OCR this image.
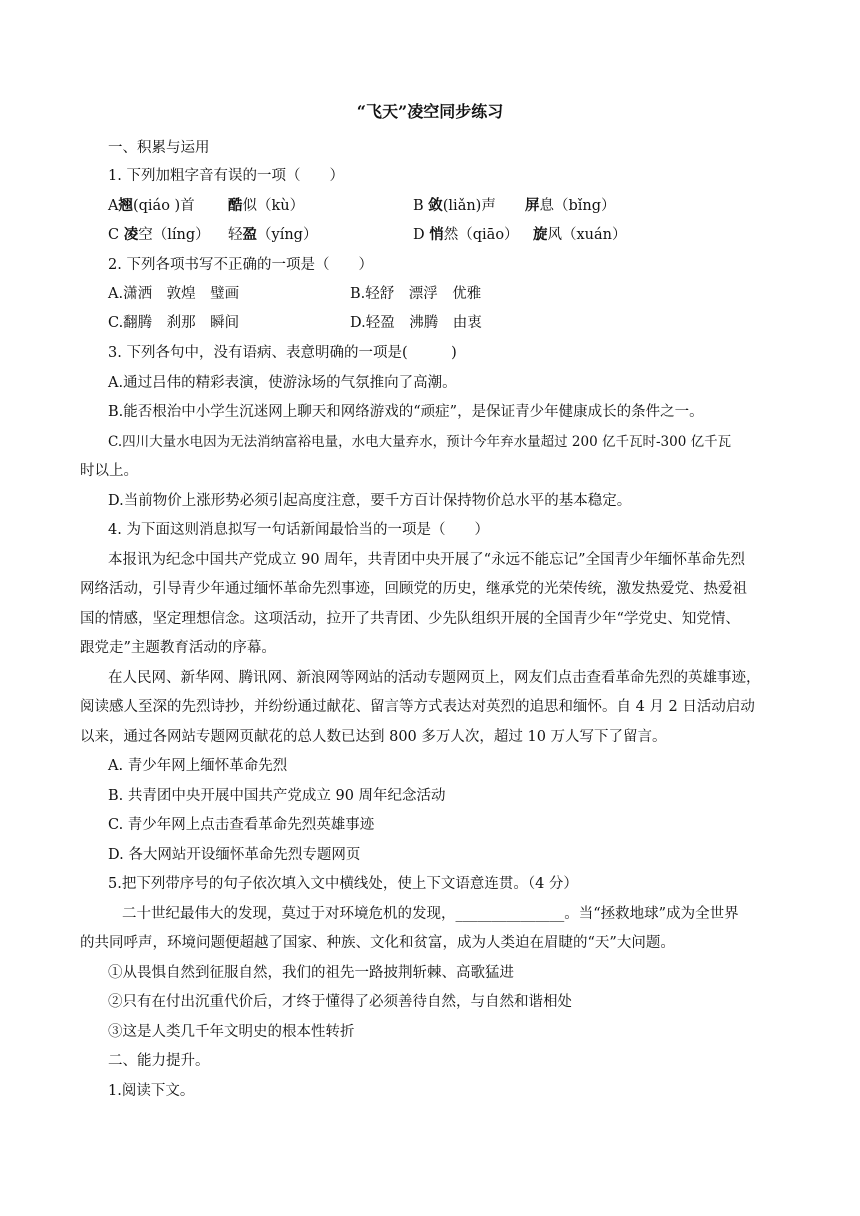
“飞天”凌空同步练习
一、积累与运用
1. 下列加粗字音有误的一项（　　）
A翘(qiáo )首 酷似（kù）	B 敛(liǎn)声 屏息（bǐng）
C 凌空（líng） 轻盈（yíng）	D 悄然（qiāo） 旋风（xuán）
2. 下列各项书写不正确的一项是（　　）
A.潇洒　敦煌　璧画	B.轻舒　漂浮　优雅
C.翻腾　刹那　瞬间	D.轻盈　沸腾　由衷
3. 下列各句中，没有语病、表意明确的一项是(　　　)
A.通过吕伟的精彩表演，使游泳场的气氛推向了高潮。
B.能否根治中小学生沉迷网上聊天和网络游戏的“顽症”，是保证青少年健康成长的条件之一。
C.四川大量水电因为无法消纳富裕电量，水电大量弃水，预计今年弃水量超过 200 亿千瓦时-300 亿千瓦
时以上。
D.当前物价上涨形势必须引起高度注意，要千方百计保持物价总水平的基本稳定。
4. 为下面这则消息拟写一句话新闻最恰当的一项是（　　）
本报讯为纪念中国共产党成立 90 周年，共青团中央开展了“永远不能忘记”全国青少年缅怀革命先烈
网络活动，引导青少年通过缅怀革命先烈事迹，回顾党的历史，继承党的光荣传统，激发热爱党、热爱祖
国的情感，坚定理想信念。这项活动，拉开了共青团、少先队组织开展的全国青少年“学党史、知党情、
跟党走”主题教育活动的序幕。
在人民网、新华网、腾讯网、新浪网等网站的活动专题网页上，网友们点击查看革命先烈的英雄事迹，
阅读感人至深的先烈诗抄，并纷纷通过献花、留言等方式表达对英烈的追思和缅怀。自 4 月 2 日活动启动
以来，通过各网站专题网页献花的总人数已达到 800 多万人次，超过 10 万人写下了留言。
A. 青少年网上缅怀革命先烈
B. 共青团中央开展中国共产党成立 90 周年纪念活动
C. 青少年网上点击查看革命先烈英雄事迹
D. 各大网站开设缅怀革命先烈专题网页
5.把下列带序号的句子依次填入文中横线处，使上下文语意连贯。（4 分）
二十世纪最伟大的发现，莫过于对环境危机的发现，_______________。当“拯救地球”成为全世界
的共同呼声，环境问题便超越了国家、种族、文化和贫富，成为人类迫在眉睫的“天”大问题。
①从畏惧自然到征服自然，我们的祖先一路披荆斩棘、高歌猛进
②只有在付出沉重代价后，才终于懂得了必须善待自然，与自然和谐相处
③这是人类几千年文明史的根本性转折
二、能力提升。
1.阅读下文。
